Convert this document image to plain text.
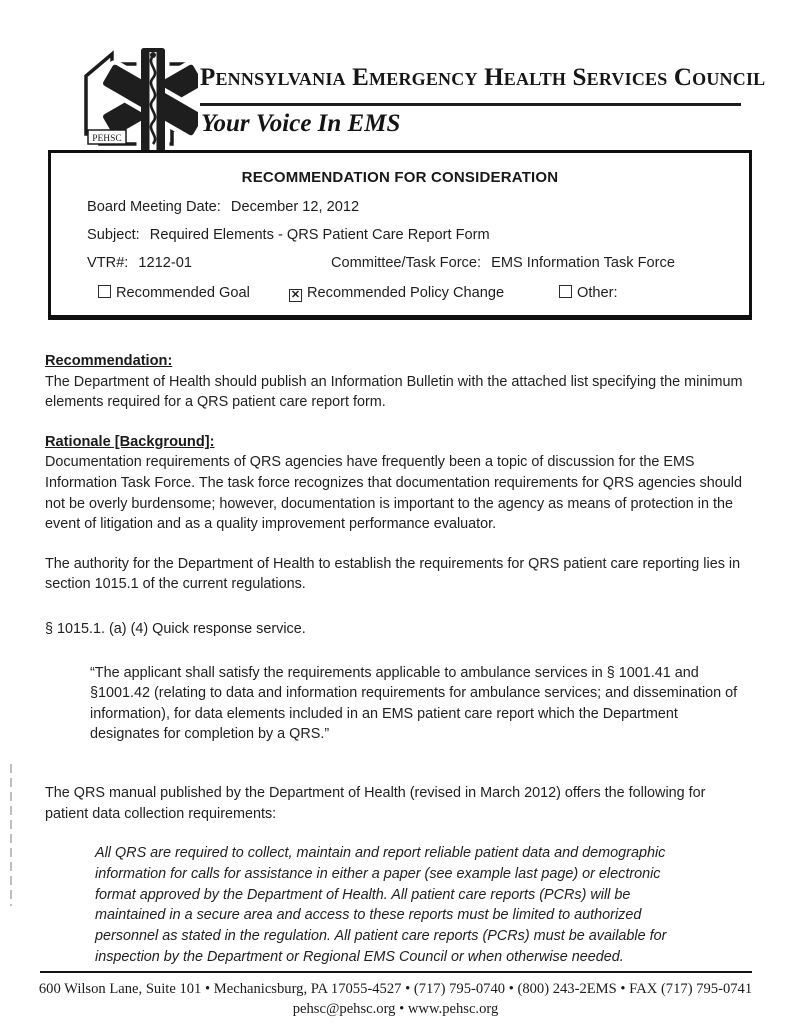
PEHSC
Pennsylvania Emergency Health Services Council
Your Voice In EMS
RECOMMENDATION FOR CONSIDERATION
Board Meeting Date: December 12, 2012
Subject: Required Elements - QRS Patient Care Report Form
VTR#: 1212-01	Committee/Task Force: EMS Information Task Force
Recommended Goal	✕ Recommended Policy Change	Other:
Recommendation:

The Department of Health should publish an Information Bulletin with the attached list specifying the minimum elements required for a QRS patient care report form.

Rationale [Background]:

Documentation requirements of QRS agencies have frequently been a topic of discussion for the EMS Information Task Force. The task force recognizes that documentation requirements for QRS agencies should not be overly burdensome; however, documentation is important to the agency as means of protection in the event of litigation and as a quality improvement performance evaluator.

The authority for the Department of Health to establish the requirements for QRS patient care reporting lies in section 1015.1 of the current regulations.

§ 1015.1. (a) (4) Quick response service.

“The applicant shall satisfy the requirements applicable to ambulance services in § 1001.41 and §1001.42 (relating to data and information requirements for ambulance services; and dissemination of information), for data elements included in an EMS patient care report which the Department designates for completion by a QRS.”

The QRS manual published by the Department of Health (revised in March 2012) offers the following for patient data collection requirements:

All QRS are required to collect, maintain and report reliable patient data and demographic information for calls for assistance in either a paper (see example last page) or electronic format approved by the Department of Health. All patient care reports (PCRs) will be maintained in a secure area and access to these reports must be limited to authorized personnel as stated in the regulation. All patient care reports (PCRs) must be available for inspection by the Department or Regional EMS Council or when otherwise needed.

600 Wilson Lane, Suite 101 • Mechanicsburg, PA 17055-4527 • (717) 795-0740 • (800) 243-2EMS • FAX (717) 795-0741
pehsc@pehsc.org • www.pehsc.org
